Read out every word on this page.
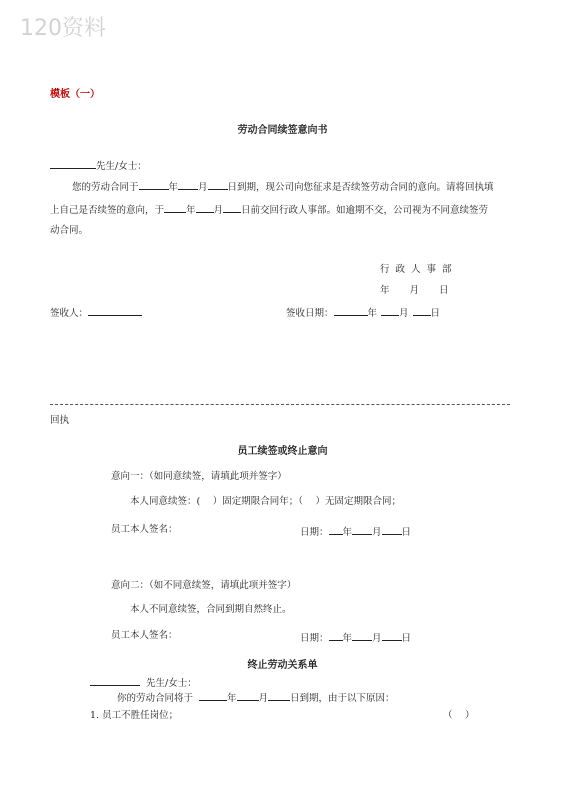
120资料
模板（一）
劳动合同续签意向书
先生/女士：
您的劳动合同于	年 月 日到期，现公司向您征求是否续签劳动合同的意向。请将回执填
上自己是否续签的意向，于 年 月 日前交回行政人事部。如逾期不交，公司视为不同意续签劳
动合同。
行政人事部
年 月 日
签收人：	签收日期：	年 月 日
回执
员工续签或终止意向
意向一：（如同意续签，请填此项并签字）
本人同意续签：(　 ）固定期限合同年；（　 ）无固定期限合同；
员工本人签名：	日期： 年 月 日
意向二：（如不同意续签，请填此项并签字）
本人不同意续签，合同到期自然终止。
员工本人签名：	日期： 年 月 日
终止劳动关系单
先生/女士：
你的劳动合同将于	年 月 日到期，由于以下原因：
1. 员工不胜任岗位；	（　 ）
